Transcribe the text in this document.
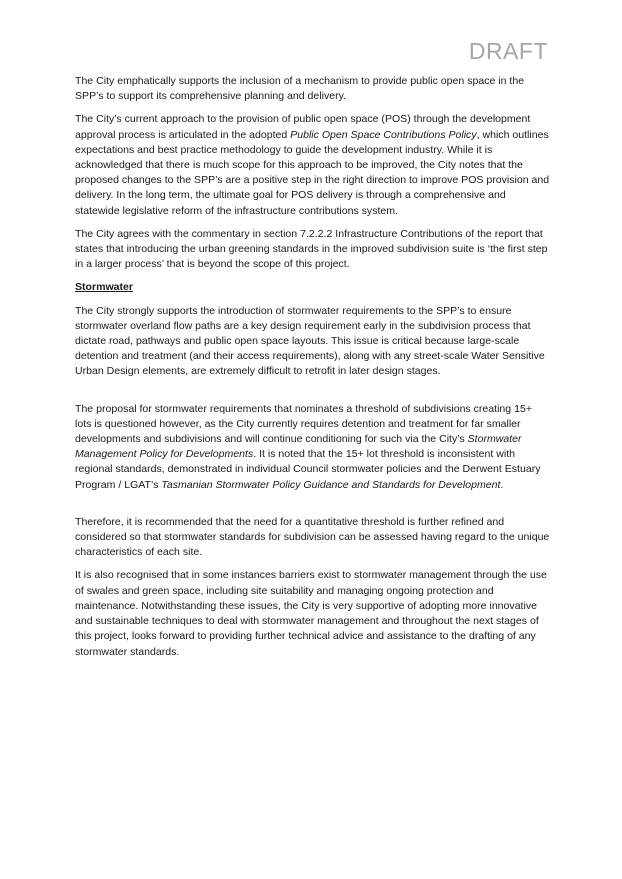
DRAFT

The City emphatically supports the inclusion of a mechanism to provide public open space in the SPP’s to support its comprehensive planning and delivery.

The City’s current approach to the provision of public open space (POS) through the development approval process is articulated in the adopted Public Open Space Contributions Policy, which outlines expectations and best practice methodology to guide the development industry. While it is acknowledged that there is much scope for this approach to be improved, the City notes that the proposed changes to the SPP’s are a positive step in the right direction to improve POS provision and delivery. In the long term, the ultimate goal for POS delivery is through a comprehensive and statewide legislative reform of the infrastructure contributions system.

The City agrees with the commentary in section 7.2.2.2 Infrastructure Contributions of the report that states that introducing the urban greening standards in the improved subdivision suite is ‘the first step in a larger process’ that is beyond the scope of this project.

Stormwater

The City strongly supports the introduction of stormwater requirements to the SPP’s to ensure stormwater overland flow paths are a key design requirement early in the subdivision process that dictate road, pathways and public open space layouts. This issue is critical because large-scale detention and treatment (and their access requirements), along with any street-scale Water Sensitive Urban Design elements, are extremely difficult to retrofit in later design stages.

The proposal for stormwater requirements that nominates a threshold of subdivisions creating 15+ lots is questioned however, as the City currently requires detention and treatment for far smaller developments and subdivisions and will continue conditioning for such via the City’s Stormwater Management Policy for Developments. It is noted that the 15+ lot threshold is inconsistent with regional standards, demonstrated in individual Council stormwater policies and the Derwent Estuary Program / LGAT’s Tasmanian Stormwater Policy Guidance and Standards for Development.

Therefore, it is recommended that the need for a quantitative threshold is further refined and considered so that stormwater standards for subdivision can be assessed having regard to the unique characteristics of each site.

It is also recognised that in some instances barriers exist to stormwater management through the use of swales and green space, including site suitability and managing ongoing protection and maintenance. Notwithstanding these issues, the City is very supportive of adopting more innovative and sustainable techniques to deal with stormwater management and throughout the next stages of this project, looks forward to providing further technical advice and assistance to the drafting of any stormwater standards.
